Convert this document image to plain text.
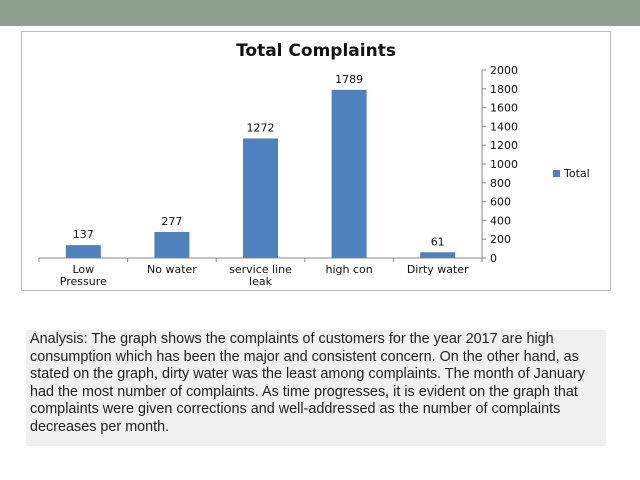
Total Complaints
137
277
1272
1789
61
0
200
400
600
800
1000
1200
1400
1600
1800
2000
Low Pressure
No water	service line leak
high con	Dirty water
Total
Analysis: The graph shows the complaints of customers for the year 2017 are high consumption which has been the major and consistent concern. On the other hand, as stated on the graph, dirty water was the least among complaints. The month of January had the most number of complaints. As time progresses, it is evident on the graph that complaints were given corrections and well-addressed as the number of complaints decreases per month.
